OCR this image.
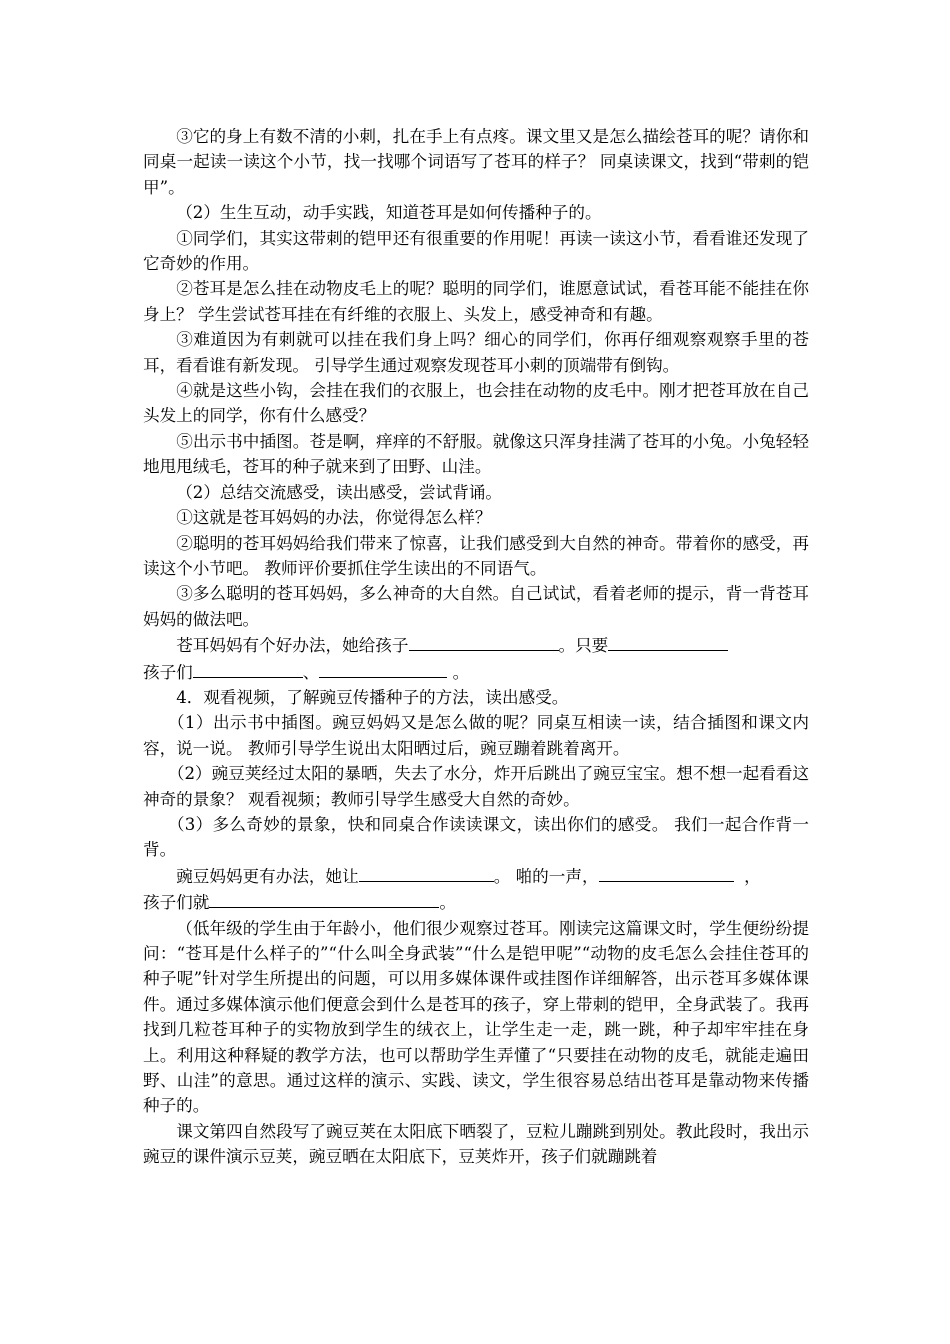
③它的身上有数不清的小刺，扎在手上有点疼。课文里又是怎么描绘苍耳的呢？请你和同桌一起读一读这个小节，找一找哪个词语写了苍耳的样子？ 同桌读课文，找到“带刺的铠甲”。

（2）生生互动，动手实践，知道苍耳是如何传播种子的。

①同学们，其实这带刺的铠甲还有很重要的作用呢！再读一读这小节，看看谁还发现了它奇妙的作用。

②苍耳是怎么挂在动物皮毛上的呢？聪明的同学们，谁愿意试试，看苍耳能不能挂在你身上？ 学生尝试苍耳挂在有纤维的衣服上、头发上，感受神奇和有趣。

③难道因为有刺就可以挂在我们身上吗？细心的同学们，你再仔细观察观察手里的苍耳，看看谁有新发现。 引导学生通过观察发现苍耳小刺的顶端带有倒钩。

④就是这些小钩，会挂在我们的衣服上，也会挂在动物的皮毛中。刚才把苍耳放在自己头发上的同学，你有什么感受？

⑤出示书中插图。苍是啊，痒痒的不舒服。就像这只浑身挂满了苍耳的小兔。小兔轻轻地甩甩绒毛，苍耳的种子就来到了田野、山洼。

（2）总结交流感受，读出感受，尝试背诵。

①这就是苍耳妈妈的办法，你觉得怎么样？

②聪明的苍耳妈妈给我们带来了惊喜，让我们感受到大自然的神奇。带着你的感受，再读这个小节吧。 教师评价要抓住学生读出的不同语气。

③多么聪明的苍耳妈妈，多么神奇的大自然。自己试试，看着老师的提示，背一背苍耳妈妈的做法吧。

苍耳妈妈有个好办法，她给孩子	。只要

孩子们	、	。

4．观看视频，了解豌豆传播种子的方法，读出感受。

（1）出示书中插图。豌豆妈妈又是怎么做的呢？同桌互相读一读，结合插图和课文内容，说一说。 教师引导学生说出太阳晒过后，豌豆蹦着跳着离开。

（2）豌豆荚经过太阳的暴晒，失去了水分，炸开后跳出了豌豆宝宝。想不想一起看看这神奇的景象？ 观看视频；教师引导学生感受大自然的奇妙。

（3）多么奇妙的景象，快和同桌合作读读课文，读出你们的感受。 我们一起合作背一背。

豌豆妈妈更有办法，她让	。 啪的一声，	，

孩子们就	。

（低年级的学生由于年龄小，他们很少观察过苍耳。刚读完这篇课文时，学生便纷纷提问：“苍耳是什么样子的”“什么叫全身武装”“什么是铠甲呢”“动物的皮毛怎么会挂住苍耳的种子呢”针对学生所提出的问题，可以用多媒体课件或挂图作详细解答，出示苍耳多媒体课件。通过多媒体演示他们便意会到什么是苍耳的孩子，穿上带刺的铠甲，全身武装了。我再找到几粒苍耳种子的实物放到学生的绒衣上，让学生走一走，跳一跳，种子却牢牢挂在身上。利用这种释疑的教学方法，也可以帮助学生弄懂了“只要挂在动物的皮毛，就能走遍田野、山洼”的意思。通过这样的演示、实践、读文，学生很容易总结出苍耳是靠动物来传播种子的。

课文第四自然段写了豌豆荚在太阳底下晒裂了，豆粒儿蹦跳到别处。教此段时，我出示豌豆的课件演示豆荚，豌豆晒在太阳底下，豆荚炸开，孩子们就蹦跳着
